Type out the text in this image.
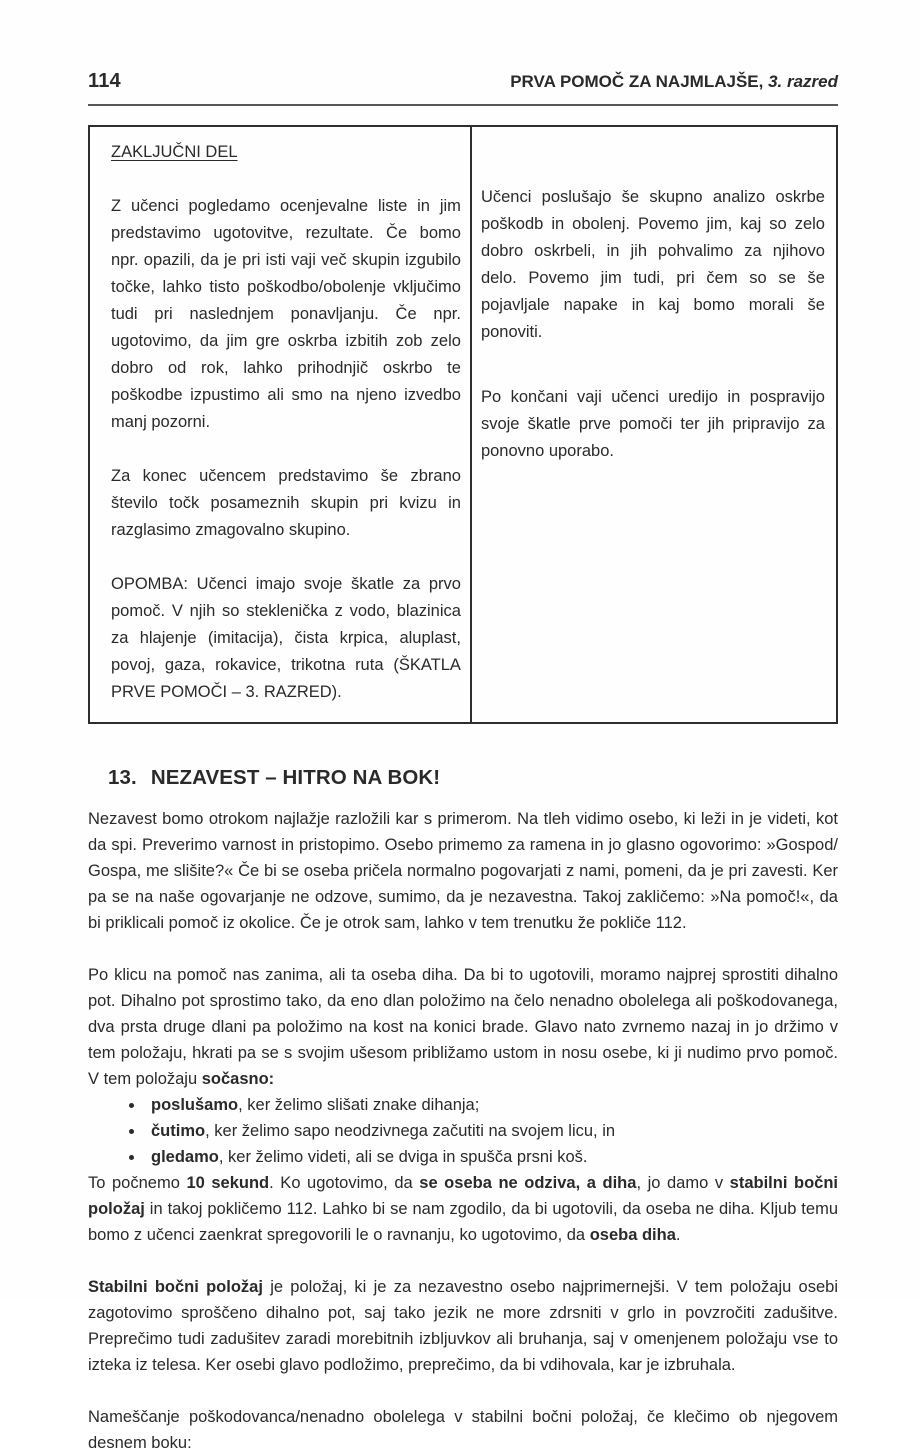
114	PRVA POMOČ ZA NAJMLAJŠE, 3. razred

ZAKLJUČNI DEL

Z učenci pogledamo ocenjevalne liste in jim predstavimo ugotovitve, rezultate. Če bomo npr. opazili, da je pri isti vaji več skupin izgubilo točke, lahko tisto poškodbo/obolenje vključimo tudi pri naslednjem ponavljanju. Če npr. ugotovimo, da jim gre oskrba izbitih zob zelo dobro od rok, lahko prihodnjič oskrbo te poškodbe izpustimo ali smo na njeno izvedbo manj pozorni.

Za konec učencem predstavimo še zbrano število točk posameznih skupin pri kvizu in razglasimo zmagovalno skupino.

OPOMBA: Učenci imajo svoje škatle za prvo pomoč. V njih so steklenička z vodo, blazinica za hlajenje (imitacija), čista krpica, aluplast, povoj, gaza, rokavice, trikotna ruta (ŠKATLA PRVE POMOČI – 3. RAZRED).

Učenci poslušajo še skupno analizo oskrbe poškodb in obolenj. Povemo jim, kaj so zelo dobro oskrbeli, in jih pohvalimo za njihovo delo. Povemo jim tudi, pri čem so se še pojavljale napake in kaj bomo morali še ponoviti.

Po končani vaji učenci uredijo in pospravijo svoje škatle prve pomoči ter jih pripravijo za ponovno uporabo.

13. NEZAVEST – HITRO NA BOK!

Nezavest bomo otrokom najlažje razložili kar s primerom. Na tleh vidimo osebo, ki leži in je videti, kot da spi. Preverimo varnost in pristopimo. Osebo primemo za ramena in jo glasno ogovorimo: »Gospod/ Gospa, me slišite?« Če bi se oseba pričela normalno pogovarjati z nami, pomeni, da je pri zavesti. Ker pa se na naše ogovarjanje ne odzove, sumimo, da je nezavestna. Takoj zakličemo: »Na pomoč!«, da bi priklicali pomoč iz okolice. Če je otrok sam, lahko v tem trenutku že pokliče 112.

Po klicu na pomoč nas zanima, ali ta oseba diha. Da bi to ugotovili, moramo najprej sprostiti dihalno pot. Dihalno pot sprostimo tako, da eno dlan položimo na čelo nenadno obolelega ali poškodovanega, dva prsta druge dlani pa položimo na kost na konici brade. Glavo nato zvrnemo nazaj in jo držimo v tem položaju, hkrati pa se s svojim ušesom približamo ustom in nosu osebe, ki ji nudimo prvo pomoč. V tem položaju sočasno:

• poslušamo, ker želimo slišati znake dihanja;
• čutimo, ker želimo sapo neodzivnega začutiti na svojem licu, in
• gledamo, ker želimo videti, ali se dviga in spušča prsni koš.

To počnemo 10 sekund. Ko ugotovimo, da se oseba ne odziva, a diha, jo damo v stabilni bočni položaj in takoj pokličemo 112. Lahko bi se nam zgodilo, da bi ugotovili, da oseba ne diha. Kljub temu bomo z učenci zaenkrat spregovorili le o ravnanju, ko ugotovimo, da oseba diha.

Stabilni bočni položaj je položaj, ki je za nezavestno osebo najprimernejši. V tem položaju osebi zagotovimo sproščeno dihalno pot, saj tako jezik ne more zdrsniti v grlo in povzročiti zadušitve. Preprečimo tudi zadušitev zaradi morebitnih izbljuvkov ali bruhanja, saj v omenjenem položaju vse to izteka iz telesa. Ker osebi glavo podložimo, preprečimo, da bi vdihovala, kar je izbruhala.

Nameščanje poškodovanca/nenadno obolelega v stabilni bočni položaj, če klečimo ob njegovem desnem boku:
